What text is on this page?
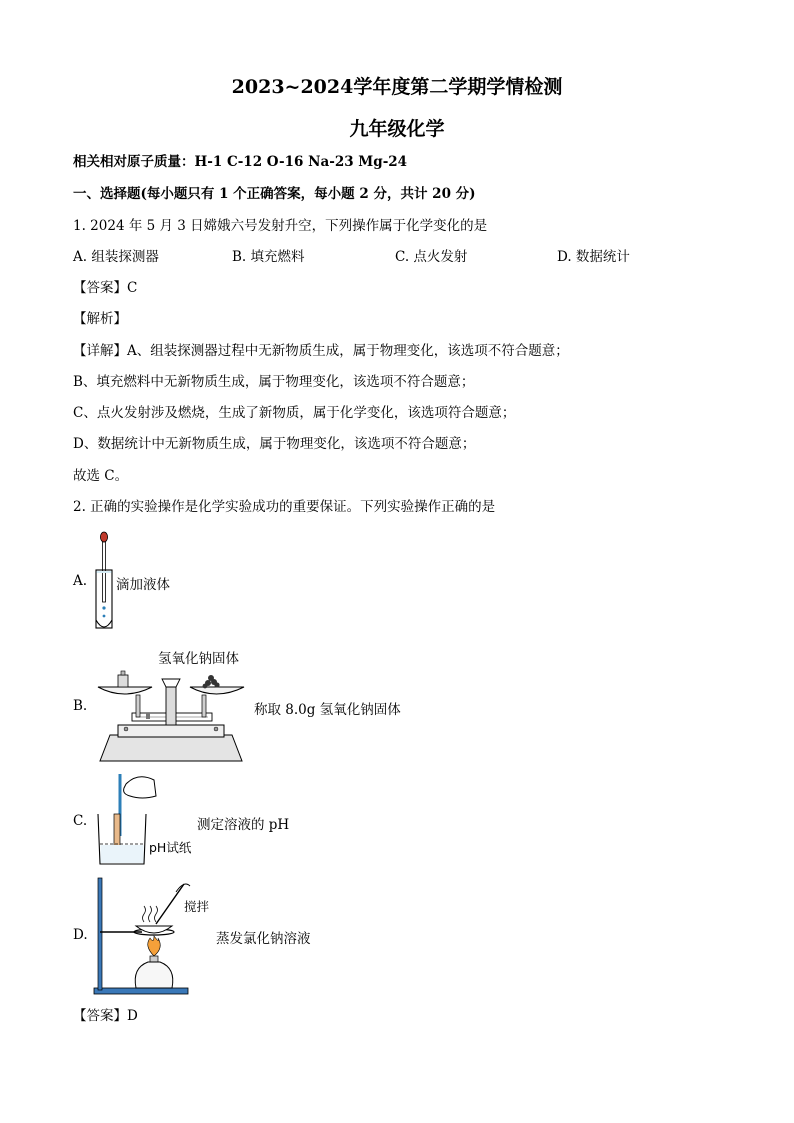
2023~2024学年度第二学期学情检测
九年级化学
相关相对原子质量：H-1 C-12 O-16 Na-23 Mg-24
一、选择题(每小题只有 1 个正确答案，每小题 2 分，共计 20 分)
1. 2024 年 5 月 3 日嫦娥六号发射升空，下列操作属于化学变化的是
A. 组装探测器	B. 填充燃料	C. 点火发射	D. 数据统计
【答案】C
【解析】
【详解】A、组装探测器过程中无新物质生成，属于物理变化，该选项不符合题意；
B、填充燃料中无新物质生成，属于物理变化，该选项不符合题意；
C、点火发射涉及燃烧，生成了新物质，属于化学变化，该选项符合题意；
D、数据统计中无新物质生成，属于物理变化，该选项不符合题意；
故选 C。
2. 正确的实验操作是化学实验成功的重要保证。下列实验操作正确的是
A. 滴加液体
B.
氢氧化钠固体
称取 8.0g 氢氧化钠固体
C.
pH试纸
测定溶液的 pH
D.
搅拌
蒸发氯化钠溶液
【答案】D
